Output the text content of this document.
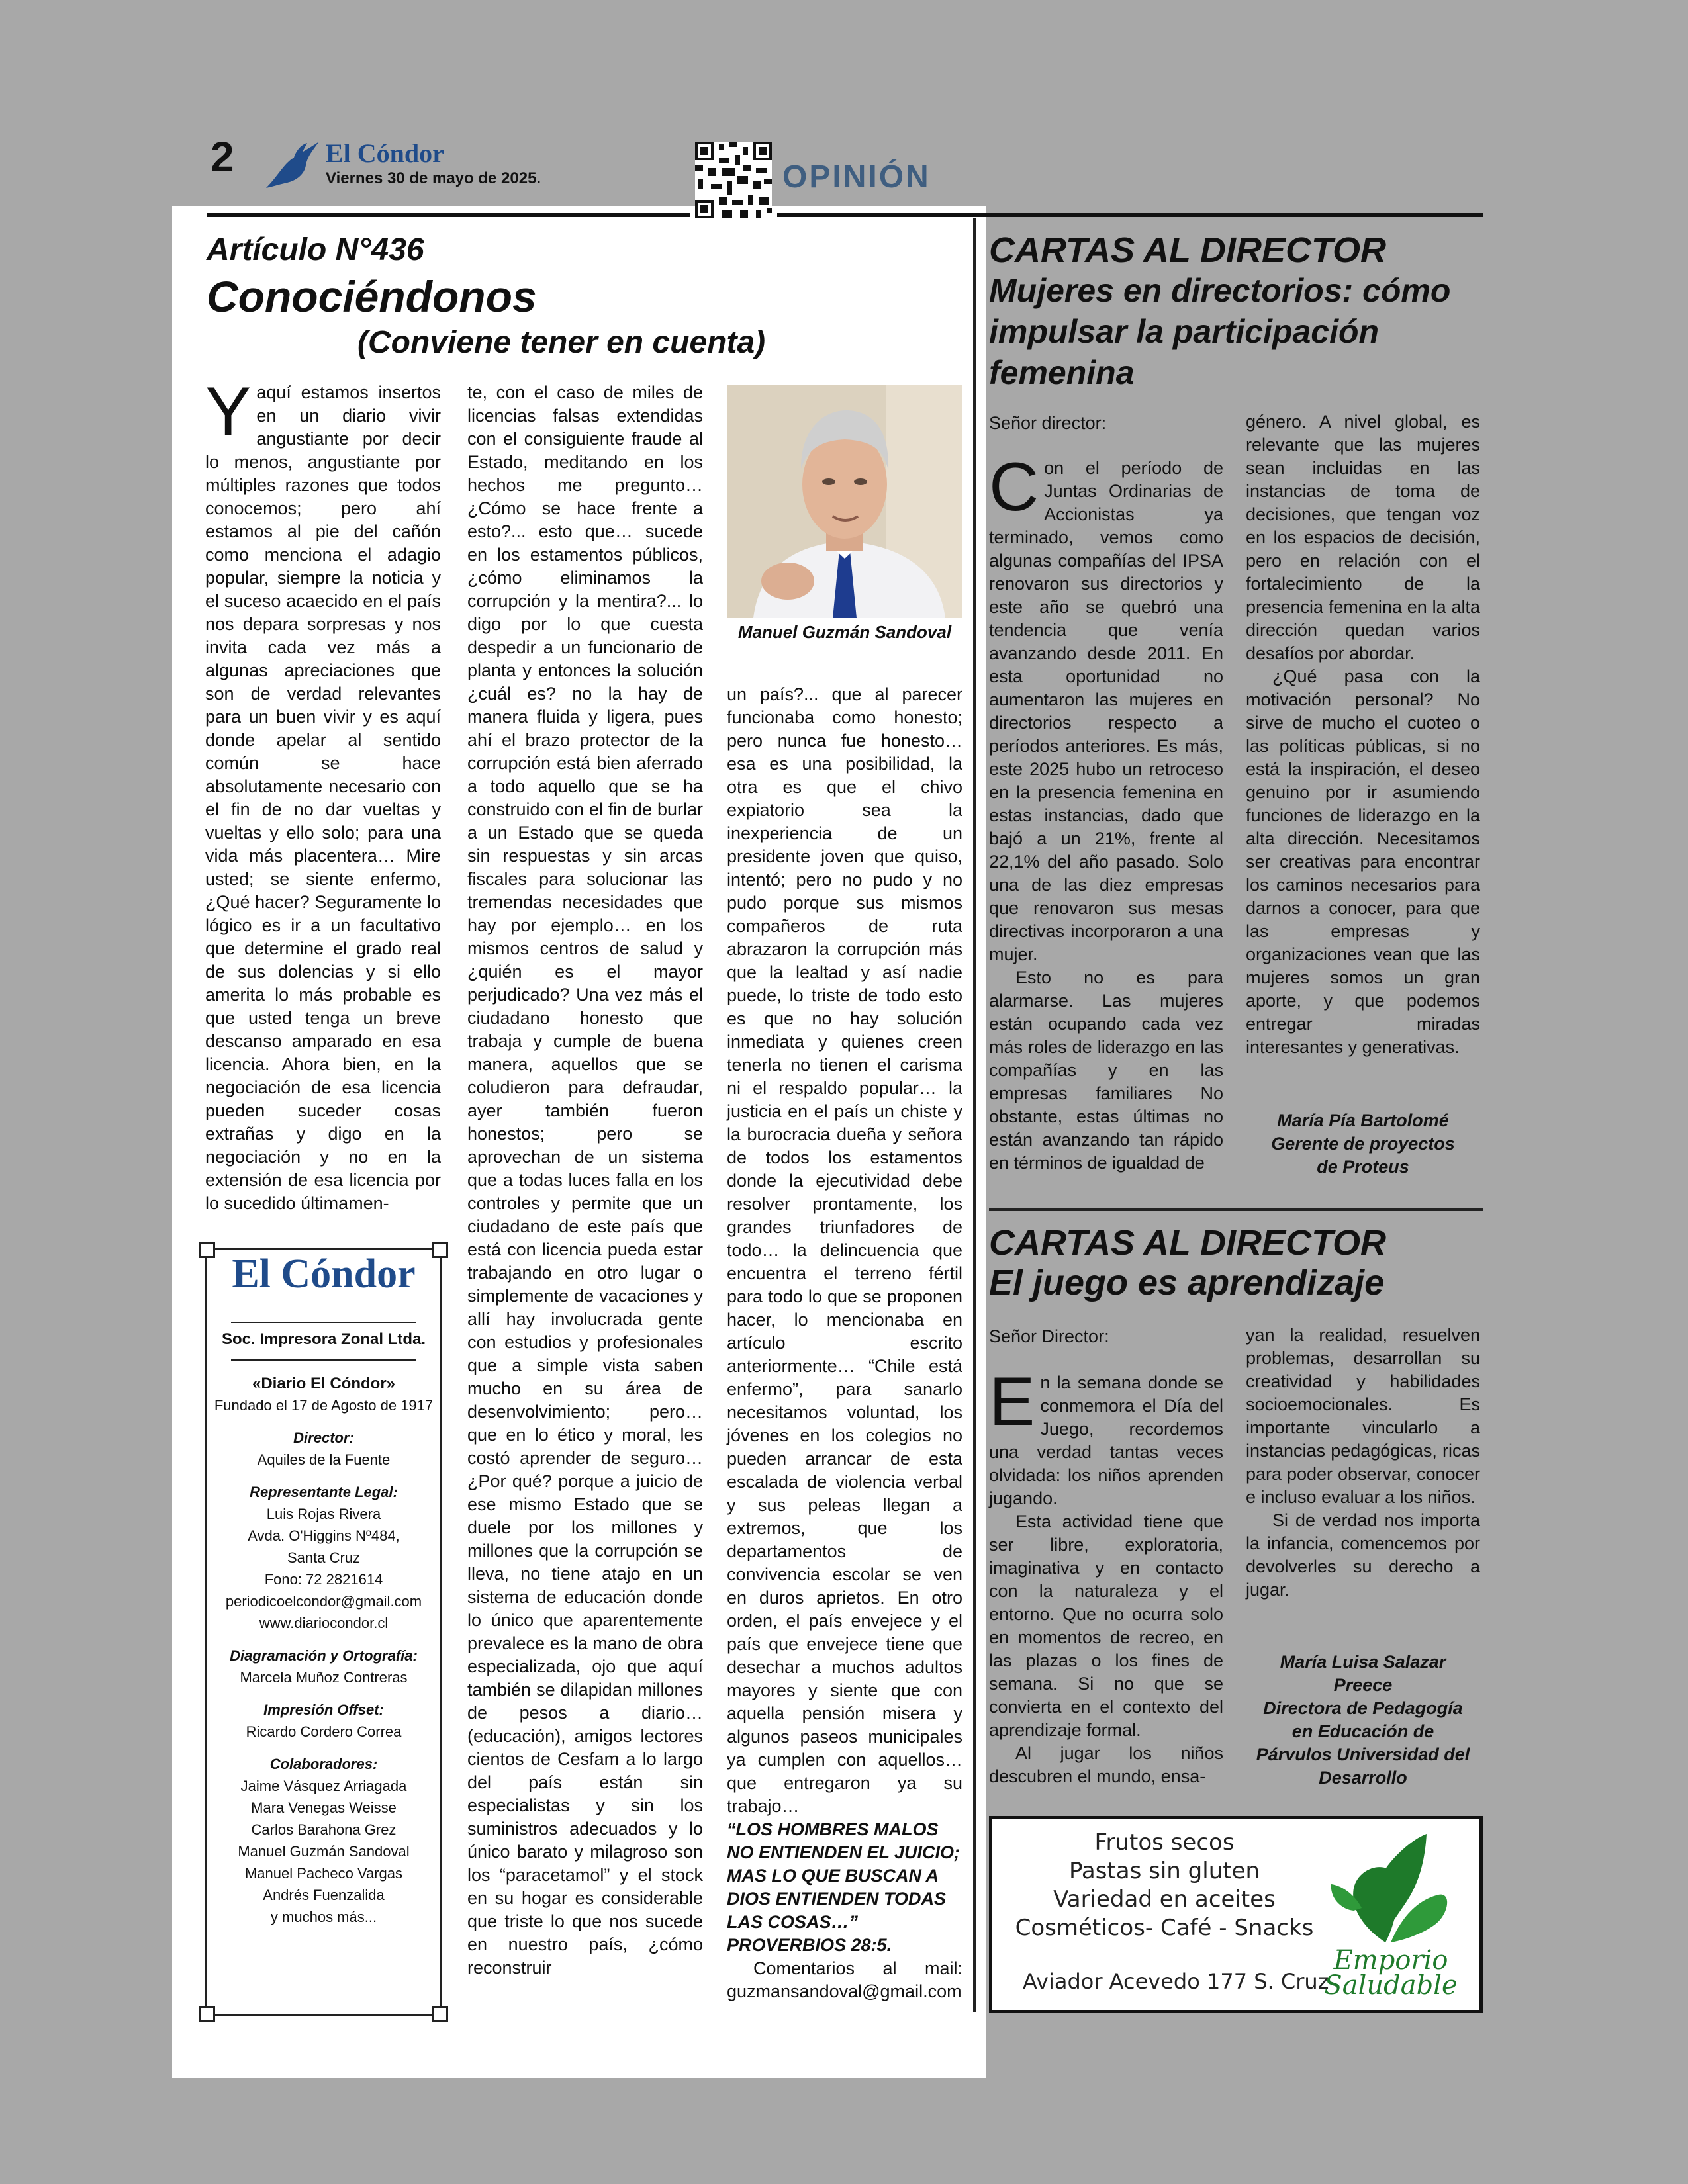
2	El Cóndor
Viernes 30 de mayo de 2025.	OPINIÓN
Artículo N°436
Conociéndonos
(Conviene tener en cuenta)

Yaquí estamos insertos en un diario vivir angustiante por decir lo menos, angustiante por múltiples razones que todos conocemos; pero ahí estamos al pie del cañón como menciona el adagio popular, siempre la noticia y el suceso acaecido en el país nos depara sorpresas y nos invita cada vez más a algunas apreciaciones que son de verdad relevantes para un buen vivir y es aquí donde apelar al sentido común se hace absolutamente necesario con el fin de no dar vueltas y vueltas y ello solo; para una vida más placentera… Mire usted; se siente enfermo, ¿Qué hacer? Seguramente lo lógico es ir a un facultativo que determine el grado real de sus dolencias y si ello amerita lo más probable es que usted tenga un breve descanso amparado en esa licencia. Ahora bien, en la negociación de esa licencia pueden suceder cosas extrañas y digo en la negociación y no en la extensión de esa licencia por lo sucedido últimamen-

te, con el caso de miles de licencias falsas extendidas con el consiguiente fraude al Estado, meditando en los hechos me pregunto… ¿Cómo se hace frente a esto?... esto que… sucede en los estamentos públicos, ¿cómo eliminamos la corrupción y la mentira?... lo digo por lo que cuesta despedir a un funcionario de planta y entonces la solución ¿cuál es? no la hay de manera fluida y ligera, pues ahí el brazo protector de la corrupción está bien aferrado a todo aquello que se ha construido con el fin de burlar a un Estado que se queda sin respuestas y sin arcas fiscales para solucionar las tremendas necesidades que hay por ejemplo… en los mismos centros de salud y ¿quién es el mayor perjudicado? Una vez más el ciudadano honesto que trabaja y cumple de buena manera, aquellos que se coludieron para defraudar, ayer también fueron honestos; pero se aprovechan de un sistema que a todas luces falla en los controles y permite que un ciudadano de este país que está con licencia pueda estar trabajando en otro lugar o simplemente de vacaciones y allí hay involucrada gente con estudios y profesionales que a simple vista saben mucho en su área de desenvolvimiento; pero… que en lo ético y moral, les costó aprender de seguro… ¿Por qué? porque a juicio de ese mismo Estado que se duele por los millones y millones que la corrupción se lleva, no tiene atajo en un sistema de educación donde lo único que aparentemente prevalece es la mano de obra especializada, ojo que aquí también se dilapidan millones de pesos a diario… (educación), amigos lectores cientos de Cesfam a lo largo del país están sin especialistas y sin los suministros adecuados y lo único barato y milagroso son los “paracetamol” y el stock en su hogar es considerable que triste lo que nos sucede en nuestro país, ¿cómo reconstruir

Manuel Guzmán Sandoval
un país?... que al parecer funcionaba como honesto; pero nunca fue honesto… esa es una posibilidad, la otra es que el chivo expiatorio sea la inexperiencia de un presidente joven que quiso, intentó; pero no pudo y no pudo porque sus mismos compañeros de ruta abrazaron la corrupción más que la lealtad y así nadie puede, lo triste de todo esto es que no hay solución inmediata y quienes creen tenerla no tienen el carisma ni el respaldo popular… la justicia en el país un chiste y la burocracia dueña y señora de todos los estamentos donde la ejecutividad debe resolver prontamente, los grandes triunfadores de todo… la delincuencia que encuentra el terreno fértil para todo lo que se proponen hacer, lo mencionaba en artículo escrito anteriormente… “Chile está enfermo”, para sanarlo necesitamos voluntad, los jóvenes en los colegios no pueden arrancar de esta escalada de violencia verbal y sus peleas llegan a extremos, que los departamentos de convivencia escolar se ven en duros aprietos. En otro orden, el país envejece y el país que envejece tiene que desechar a muchos adultos mayores y siente que con aquella pensión misera y algunos paseos municipales ya cumplen con aquellos… que entregaron ya su trabajo…
“LOS HOMBRES MALOS NO ENTIENDEN EL JUICIO; MAS LO QUE BUSCAN A DIOS ENTIENDEN TODAS LAS COSAS…” PROVERBIOS 28:5.
Comentarios al mail: guzmansandoval@gmail.com
El Cóndor
Soc. Impresora Zonal Ltda.
«Diario El Cóndor»
Fundado el 17 de Agosto de 1917
Director:
Aquiles de la Fuente
Representante Legal:
Luis Rojas Rivera
Avda. O'Higgins Nº484,
Santa Cruz
Fono: 72 2821614
periodicoelcondor@gmail.com
www.diariocondor.cl
Diagramación y Ortografía:
Marcela Muñoz Contreras
Impresión Offset:
Ricardo Cordero Correa
Colaboradores:
Jaime Vásquez Arriagada
Mara Venegas Weisse
Carlos Barahona Grez
Manuel Guzmán Sandoval
Manuel Pacheco Vargas
Andrés Fuenzalida
y muchos más...
CARTAS AL DIRECTOR
Mujeres en directorios: cómo impulsar la participación femenina
Señor director:

Con el período de Juntas Ordinarias de Accionistas ya terminado, vemos como algunas compañías del IPSA renovaron sus directorios y este año se quebró una tendencia que venía avanzando desde 2011. En esta oportunidad no aumentaron las mujeres en directorios respecto a períodos anteriores. Es más, este 2025 hubo un retroceso en la presencia femenina en estas instancias, dado que bajó a un 21%, frente al 22,1% del año pasado. Solo una de las diez empresas que renovaron sus mesas directivas incorporaron a una mujer.

Esto no es para alarmarse. Las mujeres están ocupando cada vez más roles de liderazgo en las compañías y en las empresas familiares No obstante, estas últimas no están avanzando tan rápido en términos de igualdad de

género. A nivel global, es relevante que las mujeres sean incluidas en las instancias de toma de decisiones, que tengan voz en los espacios de decisión, pero en relación con el fortalecimiento de la presencia femenina en la alta dirección quedan varios desafíos por abordar.

¿Qué pasa con la motivación personal? No sirve de mucho el cuoteo o las políticas públicas, si no está la inspiración, el deseo genuino por ir asumiendo funciones de liderazgo en la alta dirección. Necesitamos ser creativas para encontrar los caminos necesarios para darnos a conocer, para que las empresas y organizaciones vean que las mujeres somos un gran aporte, y que podemos entregar miradas interesantes y generativas.

María Pía Bartolomé
Gerente de proyectos
de Proteus
CARTAS AL DIRECTOR
El juego es aprendizaje
Señor Director:

En la semana donde se conmemora el Día del Juego, recordemos una verdad tantas veces olvidada: los niños aprenden jugando.

Esta actividad tiene que ser libre, exploratoria, imaginativa y en contacto con la naturaleza y el entorno. Que no ocurra solo en momentos de recreo, en las plazas o los fines de semana. Si no que se convierta en el contexto del aprendizaje formal.

Al jugar los niños descubren el mundo, ensa-

yan la realidad, resuelven problemas, desarrollan su creatividad y habilidades socioemocionales. Es importante vincularlo a instancias pedagógicas, ricas para poder observar, conocer e incluso evaluar a los niños.

Si de verdad nos importa la infancia, comencemos por devolverles su derecho a jugar.

María Luisa Salazar
Preece
Directora de Pedagogía
en Educación de
Párvulos Universidad del
Desarrollo
Frutos secos
Pastas sin gluten
Variedad en aceites
Cosméticos- Café - Snacks
Aviador Acevedo 177 S. Cruz
Emporio
Saludable
